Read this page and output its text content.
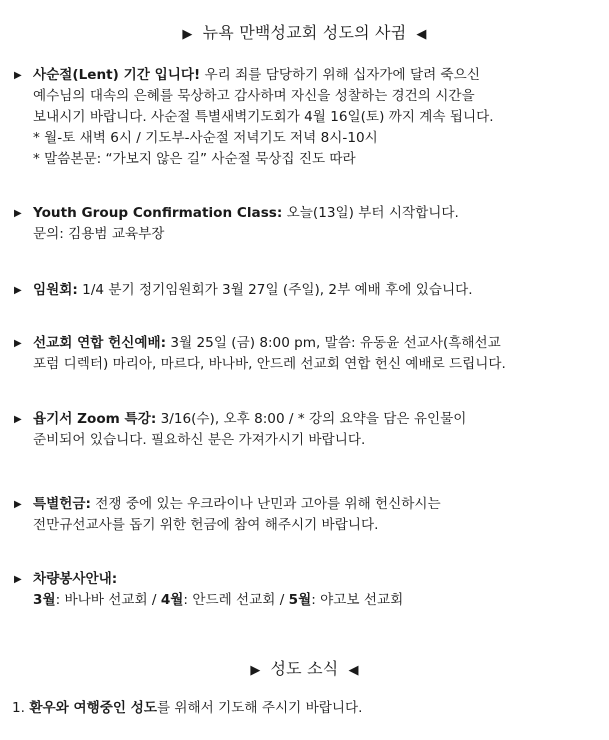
▶ 뉴욕 만백성교회 성도의 사귐 ◀
▶ 사순절(Lent) 기간 입니다! 우리 죄를 담당하기 위해 십자가에 달려 죽으신
예수님의 대속의 은혜를 묵상하고 감사하며 자신을 성찰하는 경건의 시간을
보내시기 바랍니다. 사순절 특별새벽기도회가 4월 16일(토) 까지 계속 됩니다.
* 월-토 새벽 6시 / 기도부-사순절 저녁기도 저녁 8시-10시
* 말씀본문: “가보지 않은 길” 사순절 묵상집 진도 따라
▶ Youth Group Confirmation Class: 오늘(13일) 부터 시작합니다.
문의: 김용범 교육부장
▶ 임원회: 1/4 분기 정기임원회가 3월 27일 (주일), 2부 예배 후에 있습니다.
▶ 선교회 연합 헌신예배: 3월 25일 (금) 8:00 pm, 말씀: 유동윤 선교사(흑해선교
포럼 디렉터) 마리아, 마르다, 바나바, 안드레 선교회 연합 헌신 예배로 드립니다.
▶ 욥기서 Zoom 특강: 3/16(수), 오후 8:00 / * 강의 요약을 담은 유인물이
준비되어 있습니다. 필요하신 분은 가져가시기 바랍니다.
▶ 특별헌금: 전쟁 중에 있는 우크라이나 난민과 고아를 위해 헌신하시는
전만규선교사를 돕기 위한 헌금에 참여 해주시기 바랍니다.
▶ 차량봉사안내:
3월: 바나바 선교회 / 4월: 안드레 선교회 / 5월: 야고보 선교회
▶ 성도 소식 ◀
1. 환우와 여행중인 성도를 위해서 기도해 주시기 바랍니다.
